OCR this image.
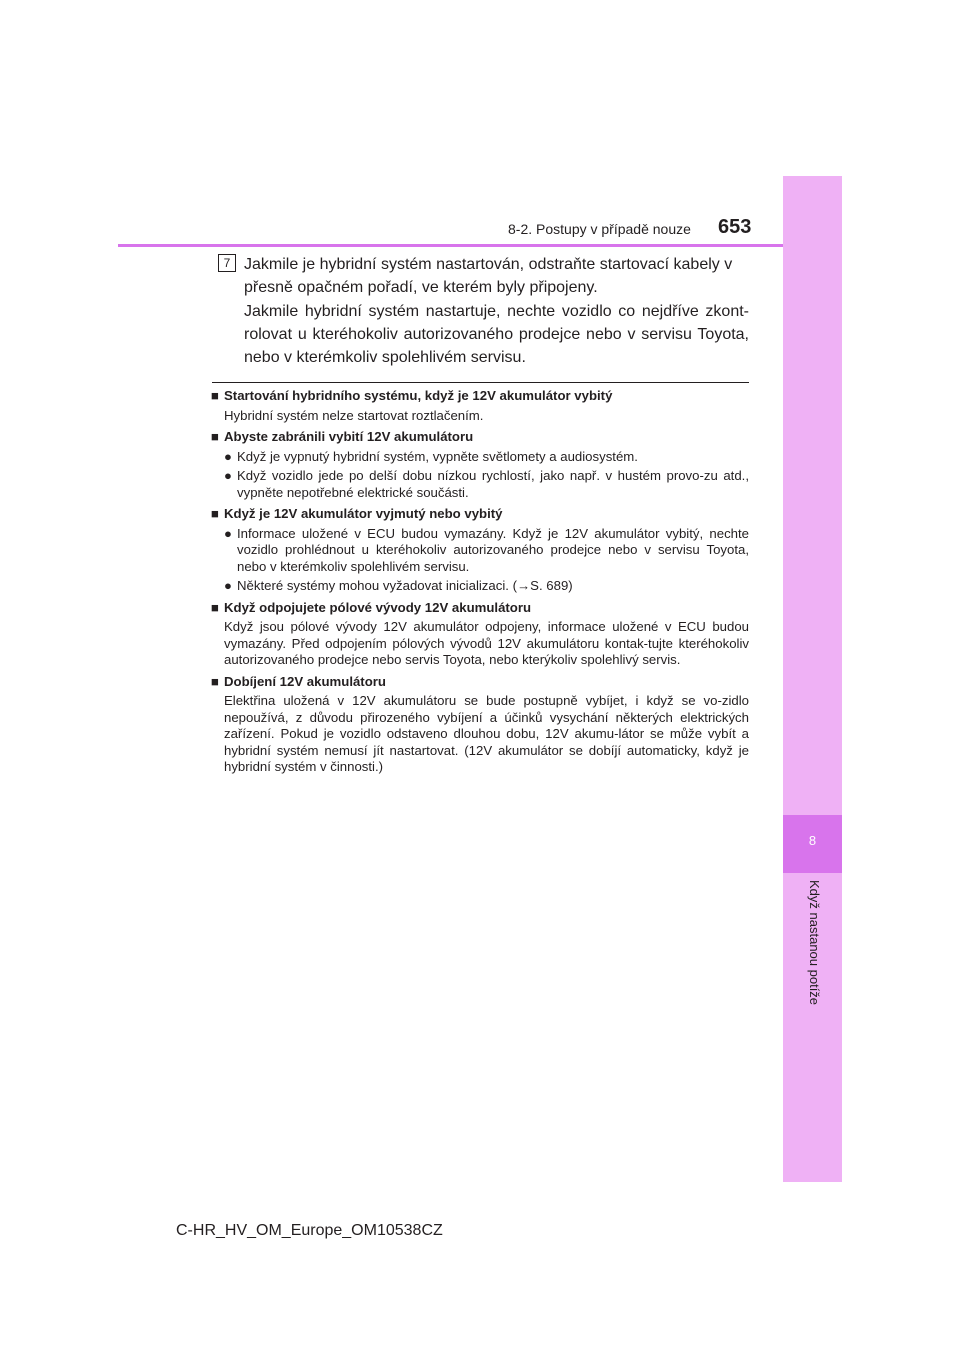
8
Když nastanou potíže
8-2. Postupy v případě nouze 653
7 Jakmile je hybridní systém nastartován, odstraňte startovací kabely v přesně opačném pořadí, ve kterém byly připojeny.
Jakmile hybridní systém nastartuje, nechte vozidlo co nejdříve zkont-rolovat u kteréhokoliv autorizovaného prodejce nebo v servisu Toyota, nebo v kterémkoliv spolehlivém servisu.
■ Startování hybridního systému, když je 12V akumulátor vybitý
Hybridní systém nelze startovat roztlačením.
■ Abyste zabránili vybití 12V akumulátoru
● Když je vypnutý hybridní systém, vypněte světlomety a audiosystém.
● Když vozidlo jede po delší dobu nízkou rychlostí, jako např. v hustém provo-zu atd., vypněte nepotřebné elektrické součásti.
■ Když je 12V akumulátor vyjmutý nebo vybitý
● Informace uložené v ECU budou vymazány. Když je 12V akumulátor vybitý, nechte vozidlo prohlédnout u kteréhokoliv autorizovaného prodejce nebo v servisu Toyota, nebo v kterémkoliv spolehlivém servisu.
● Některé systémy mohou vyžadovat inicializaci. (→S. 689)
■ Když odpojujete pólové vývody 12V akumulátoru
Když jsou pólové vývody 12V akumulátor odpojeny, informace uložené v ECU budou vymazány. Před odpojením pólových vývodů 12V akumulátoru kontak-tujte kteréhokoliv autorizovaného prodejce nebo servis Toyota, nebo kterýkoliv spolehlivý servis.
■ Dobíjení 12V akumulátoru
Elektřina uložená v 12V akumulátoru se bude postupně vybíjet, i když se vo-zidlo nepoužívá, z důvodu přirozeného vybíjení a účinků vysychání některých elektrických zařízení. Pokud je vozidlo odstaveno dlouhou dobu, 12V akumu-látor se může vybít a hybridní systém nemusí jít nastartovat. (12V akumulátor se dobíjí automaticky, když je hybridní systém v činnosti.)
C-HR_HV_OM_Europe_OM10538CZ
